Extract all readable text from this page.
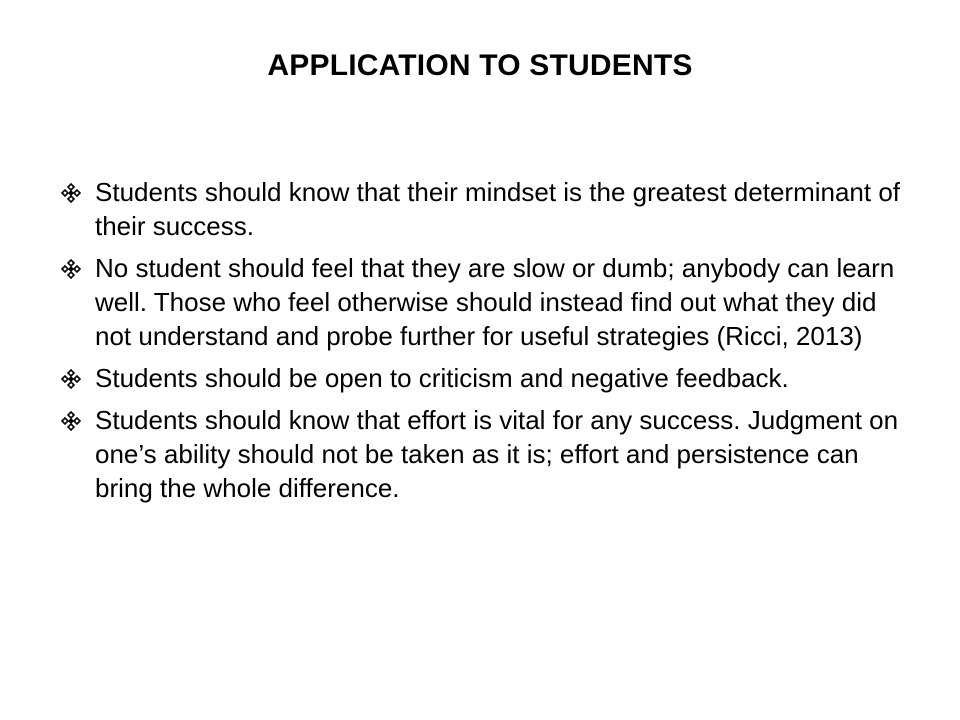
APPLICATION TO STUDENTS
Students should know that their mindset is the greatest determinant of their success.
No student should feel that they are slow or dumb; anybody can learn well. Those who feel otherwise should instead find out what they did not understand and probe further for useful strategies (Ricci, 2013)
Students should be open to criticism and negative feedback.
Students should know that effort is vital for any success. Judgment on one’s ability should not be taken as it is; effort and persistence can bring the whole difference.
